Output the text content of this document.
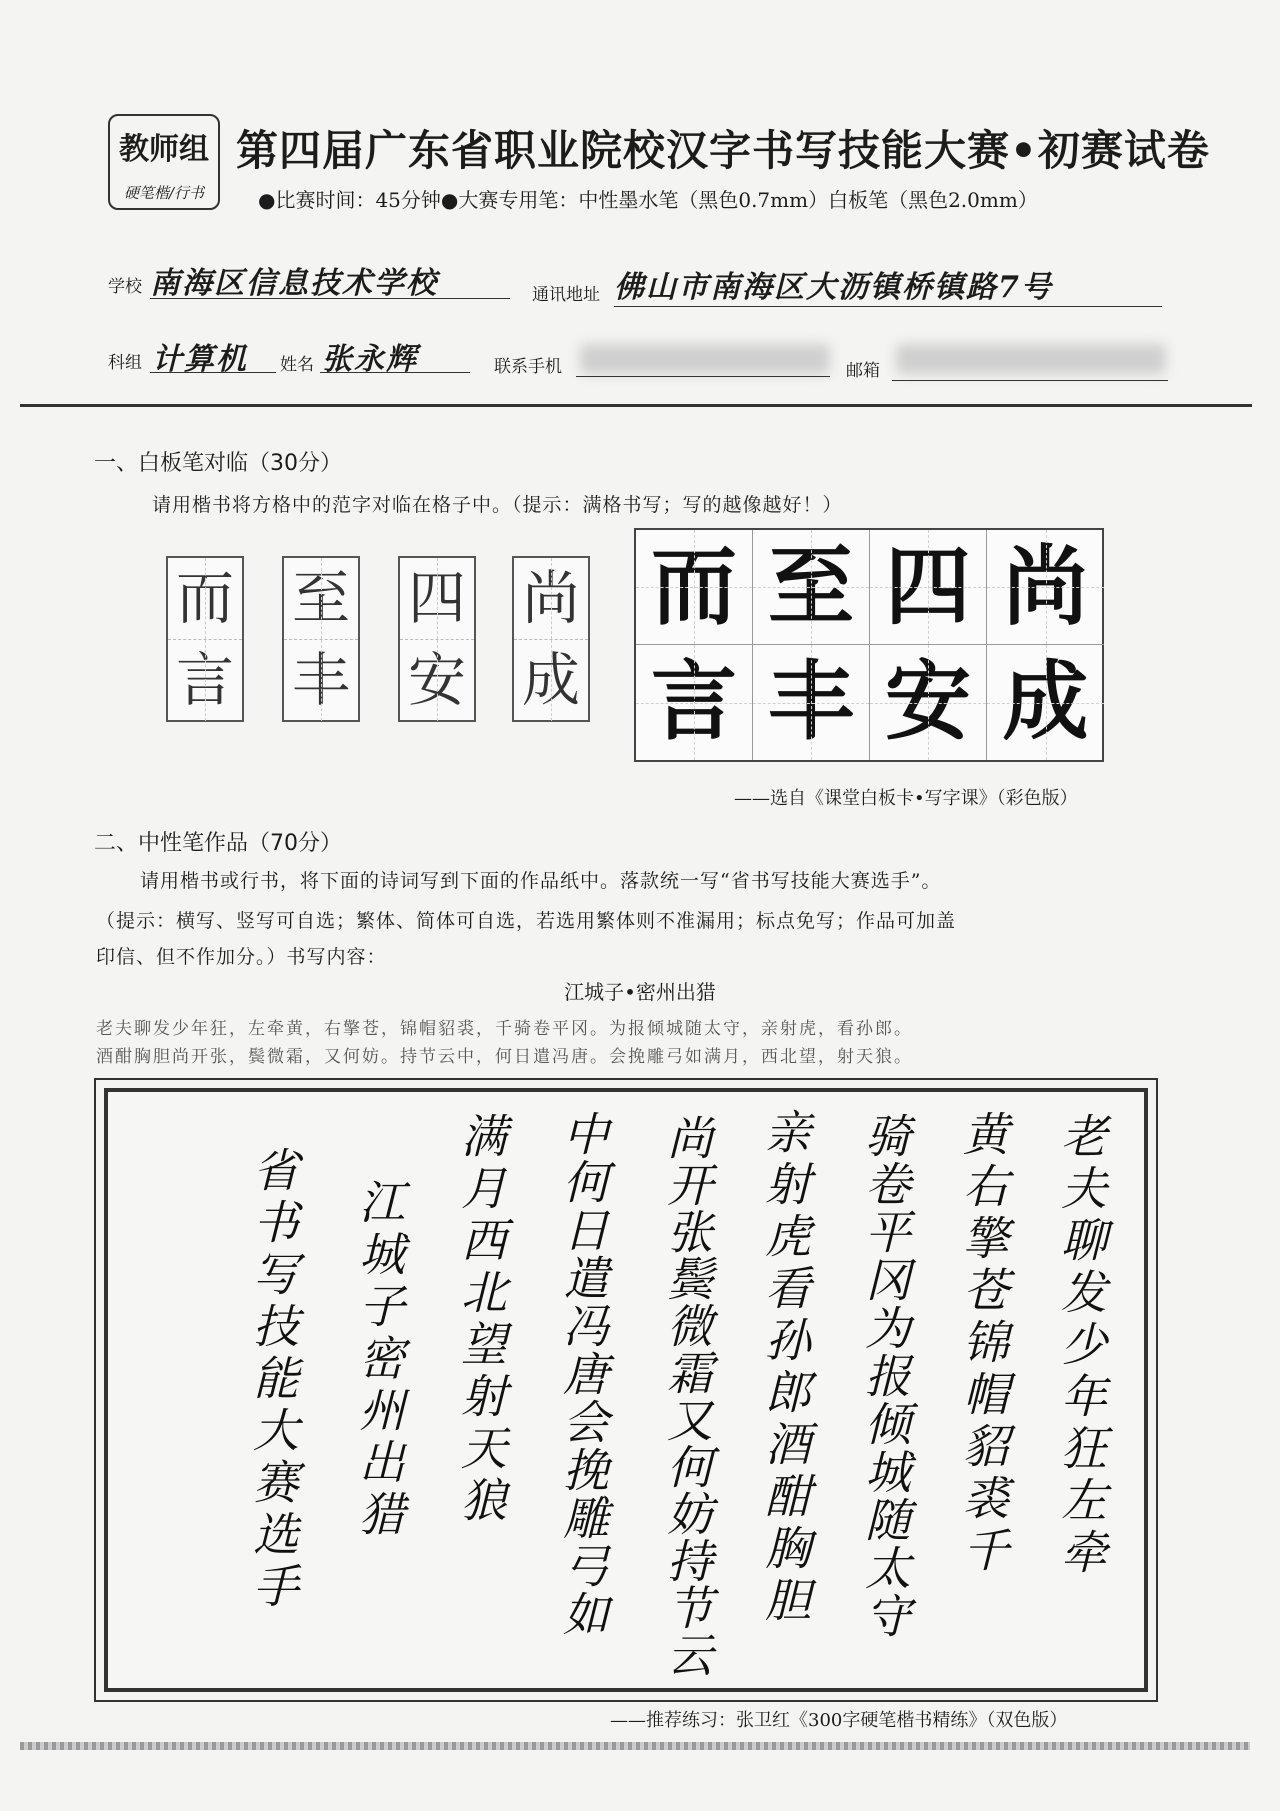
教师组
硬笔楷/行书
第四届广东省职业院校汉字书写技能大赛•初赛试卷
●比赛时间：45分钟●大赛专用笔：中性墨水笔（黑色0.7mm）白板笔（黑色2.0mm）
学校 南海区信息技术学校	通讯地址 佛山市南海区大沥镇桥镇路7号
科组 计算机 姓名 张永辉	联系手机	邮箱
一、白板笔对临（30分）
请用楷书将方格中的范字对临在格子中。（提示：满格书写；写的越像越好！）
而
言
至
丰
四
安
尚
成
而 至 四 尚
言 丰 安 成
——选自《课堂白板卡•写字课》（彩色版）
二、中性笔作品（70分）
请用楷书或行书，将下面的诗词写到下面的作品纸中。落款统一写“省书写技能大赛选手”。
（提示：横写、竖写可自选；繁体、简体可自选，若选用繁体则不准漏用；标点免写；作品可加盖
印信、但不作加分。）书写内容：
江城子•密州出猎
老夫聊发少年狂，左牵黄，右擎苍，锦帽貂裘，千骑卷平冈。为报倾城随太守，亲射虎，看孙郎。
酒酣胸胆尚开张，鬓微霜，又何妨。持节云中，何日遣冯唐。会挽雕弓如满月，西北望，射天狼。
老夫聊发少年狂左牵
黄右擎苍锦帽貂裘千
骑卷平冈为报倾城随太守
亲射虎看孙郎酒酣胸胆
尚开张鬓微霜又何妨持节云
中何日遣冯唐会挽雕弓如
满月西北望射天狼
江城子密州出猎
省书写技能大赛选手
——推荐练习：张卫红《300字硬笔楷书精练》（双色版）
